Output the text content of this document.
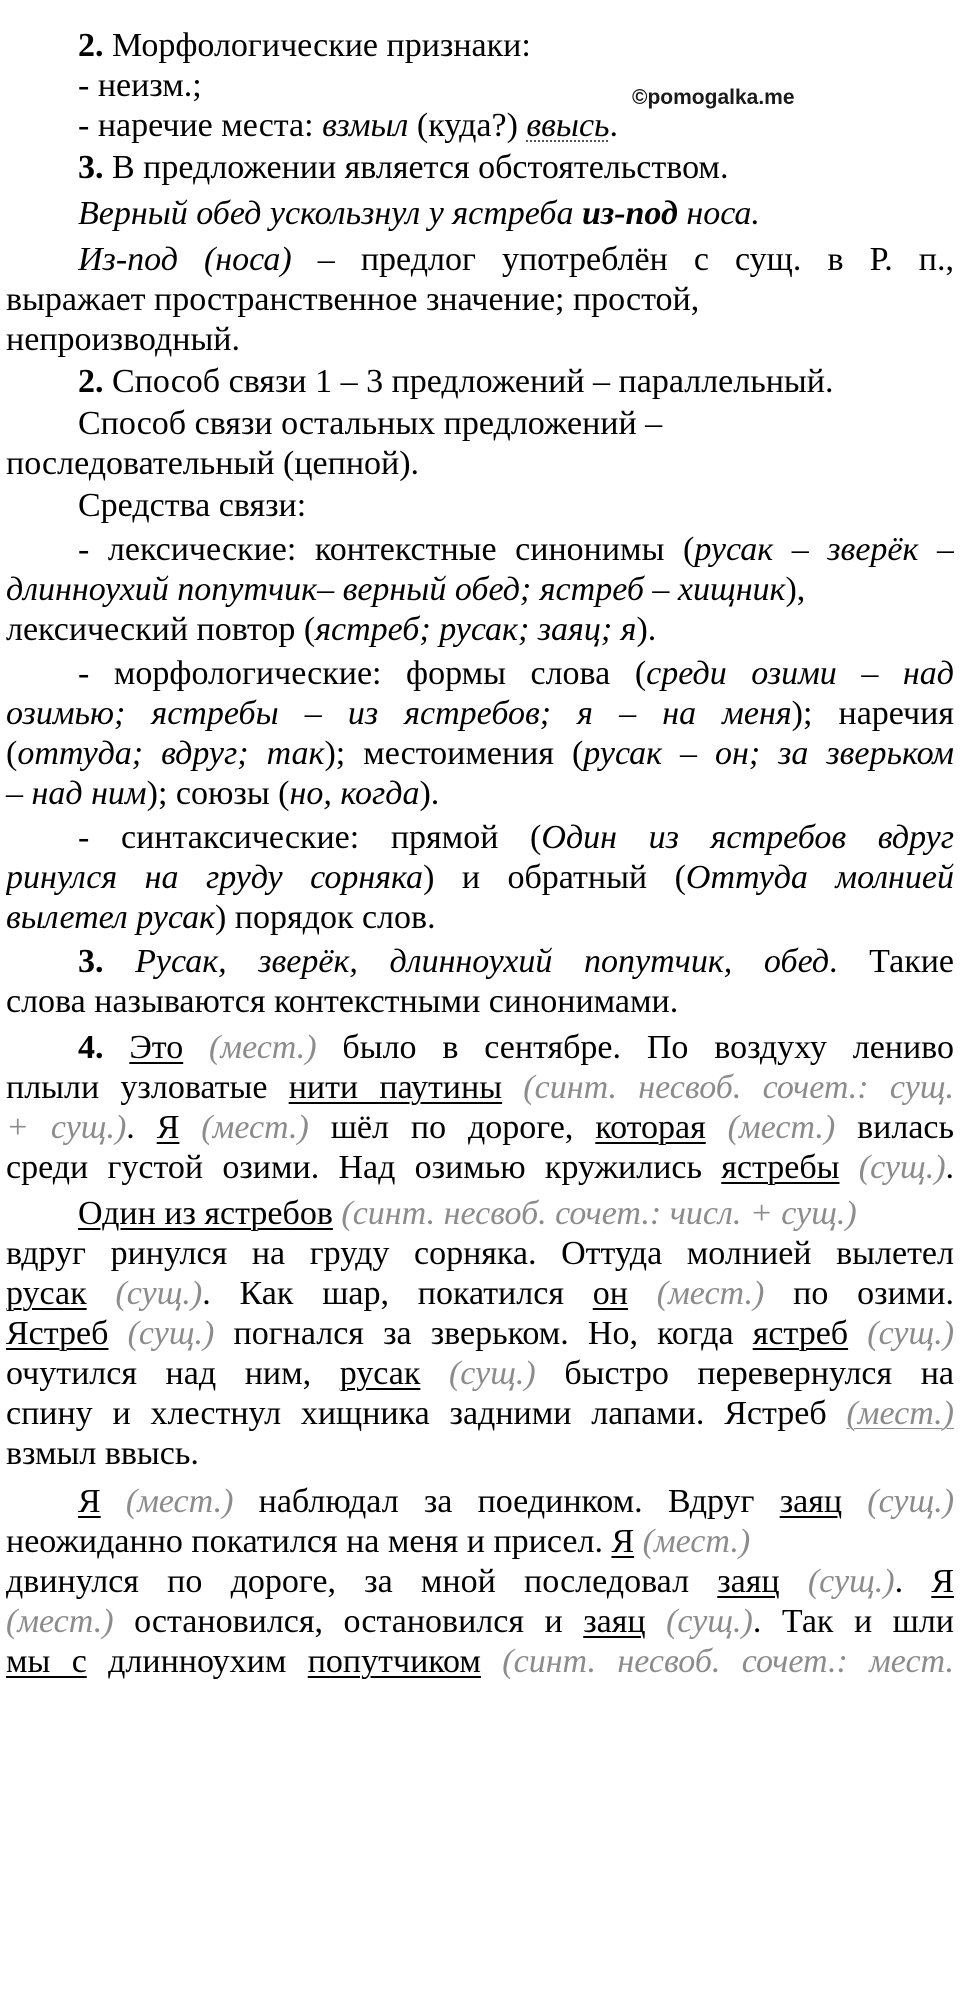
©pomogalka.me
2. Морфологические признаки:
- неизм.;
- наречие места: взмыл (куда?) ввысь.
3. В предложении является обстоятельством.
Верный обед ускользнул у ястреба из-под носа.
Из-под (носа) – предлог употреблён с сущ. в Р. п.,
выражает пространственное значение; простой,
непроизводный.
2. Способ связи 1 – 3 предложений – параллельный.
Способ связи остальных предложений –
последовательный (цепной).
Средства связи:
- лексические: контекстные синонимы (русак – зверёк –
длинноухий попутчик– верный обед; ястреб – хищник),
лексический повтор (ястреб; русак; заяц; я).
- морфологические: формы слова (среди озими – над
озимью; ястребы – из ястребов; я – на меня); наречия
(оттуда; вдруг; так); местоимения (русак – он; за зверьком
– над ним); союзы (но, когда).
- синтаксические: прямой (Один из ястребов вдруг
ринулся на груду сорняка) и обратный (Оттуда молнией
вылетел русак) порядок слов.
3. Русак, зверёк, длинноухий попутчик, обед. Такие
слова называются контекстными синонимами.
4. Это (мест.) было в сентябре. По воздуху лениво
плыли узловатые нити паутины (синт. несвоб. сочет.: сущ.
+ сущ.). Я (мест.) шёл по дороге, которая (мест.) вилась
среди густой озими. Над озимью кружились ястребы (сущ.).
Один из ястребов (синт. несвоб. сочет.: числ. + сущ.)
вдруг ринулся на груду сорняка. Оттуда молнией вылетел
русак (сущ.). Как шар, покатился он (мест.) по озими.
Ястреб (сущ.) погнался за зверьком. Но, когда ястреб (сущ.)
очутился над ним, русак (сущ.) быстро перевернулся на
спину и хлестнул хищника задними лапами. Ястреб (мест.)
взмыл ввысь.
Я (мест.) наблюдал за поединком. Вдруг заяц (сущ.)
неожиданно покатился на меня и присел. Я (мест.)
двинулся по дороге, за мной последовал заяц (сущ.). Я
(мест.) остановился, остановился и заяц (сущ.). Так и шли
мы с длинноухим попутчиком (синт. несвоб. сочет.: мест.
